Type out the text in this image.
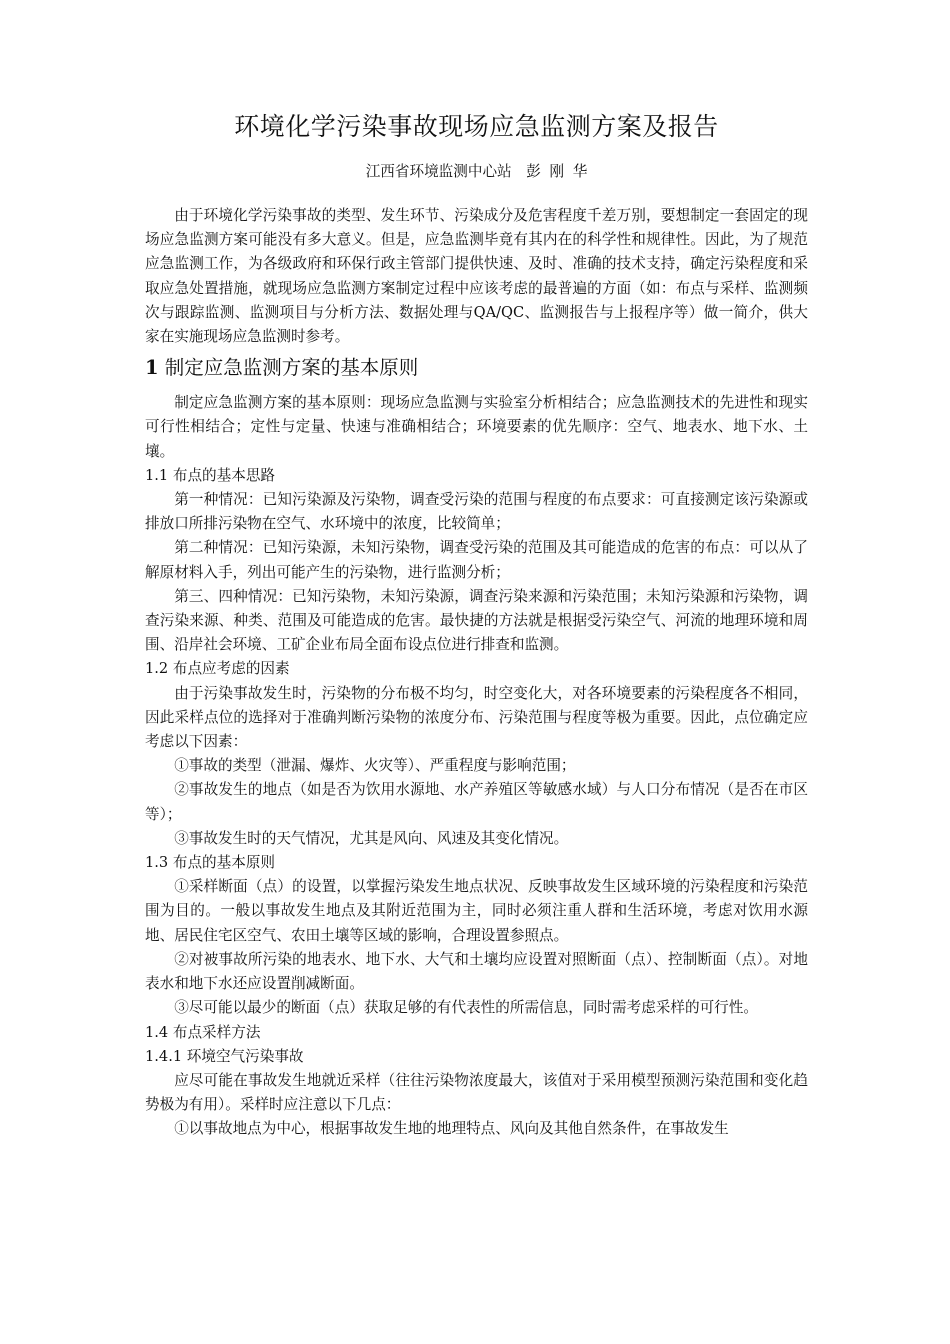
环境化学污染事故现场应急监测方案及报告
江西省环境监测中心站　彭 刚 华

由于环境化学污染事故的类型、发生环节、污染成分及危害程度千差万别，要想制定一套固定的现场应急监测方案可能没有多大意义。但是，应急监测毕竟有其内在的科学性和规律性。因此，为了规范应急监测工作，为各级政府和环保行政主管部门提供快速、及时、准确的技术支持，确定污染程度和采取应急处置措施，就现场应急监测方案制定过程中应该考虑的最普遍的方面（如：布点与采样、监测频次与跟踪监测、监测项目与分析方法、数据处理与QA/QC、监测报告与上报程序等）做一简介，供大家在实施现场应急监测时参考。

1 制定应急监测方案的基本原则

制定应急监测方案的基本原则：现场应急监测与实验室分析相结合；应急监测技术的先进性和现实可行性相结合；定性与定量、快速与准确相结合；环境要素的优先顺序：空气、地表水、地下水、土壤。

1.1 布点的基本思路

第一种情况：已知污染源及污染物，调查受污染的范围与程度的布点要求：可直接测定该污染源或排放口所排污染物在空气、水环境中的浓度，比较简单；

第二种情况：已知污染源，未知污染物，调查受污染的范围及其可能造成的危害的布点：可以从了解原材料入手，列出可能产生的污染物，进行监测分析；

第三、四种情况：已知污染物，未知污染源，调查污染来源和污染范围；未知污染源和污染物，调查污染来源、种类、范围及可能造成的危害。最快捷的方法就是根据受污染空气、河流的地理环境和周围、沿岸社会环境、工矿企业布局全面布设点位进行排查和监测。

1.2 布点应考虑的因素

由于污染事故发生时，污染物的分布极不均匀，时空变化大，对各环境要素的污染程度各不相同，因此采样点位的选择对于准确判断污染物的浓度分布、污染范围与程度等极为重要。因此，点位确定应考虑以下因素：

①事故的类型（泄漏、爆炸、火灾等）、严重程度与影响范围；

②事故发生的地点（如是否为饮用水源地、水产养殖区等敏感水域）与人口分布情况（是否在市区等）；

③事故发生时的天气情况，尤其是风向、风速及其变化情况。

1.3 布点的基本原则

①采样断面（点）的设置，以掌握污染发生地点状况、反映事故发生区域环境的污染程度和污染范围为目的。一般以事故发生地点及其附近范围为主，同时必须注重人群和生活环境，考虑对饮用水源地、居民住宅区空气、农田土壤等区域的影响，合理设置参照点。

②对被事故所污染的地表水、地下水、大气和土壤均应设置对照断面（点）、控制断面（点）。对地表水和地下水还应设置削减断面。

③尽可能以最少的断面（点）获取足够的有代表性的所需信息，同时需考虑采样的可行性。

1.4 布点采样方法
1.4.1 环境空气污染事故

应尽可能在事故发生地就近采样（往往污染物浓度最大，该值对于采用模型预测污染范围和变化趋势极为有用）。采样时应注意以下几点：

①以事故地点为中心，根据事故发生地的地理特点、风向及其他自然条件，在事故发生
